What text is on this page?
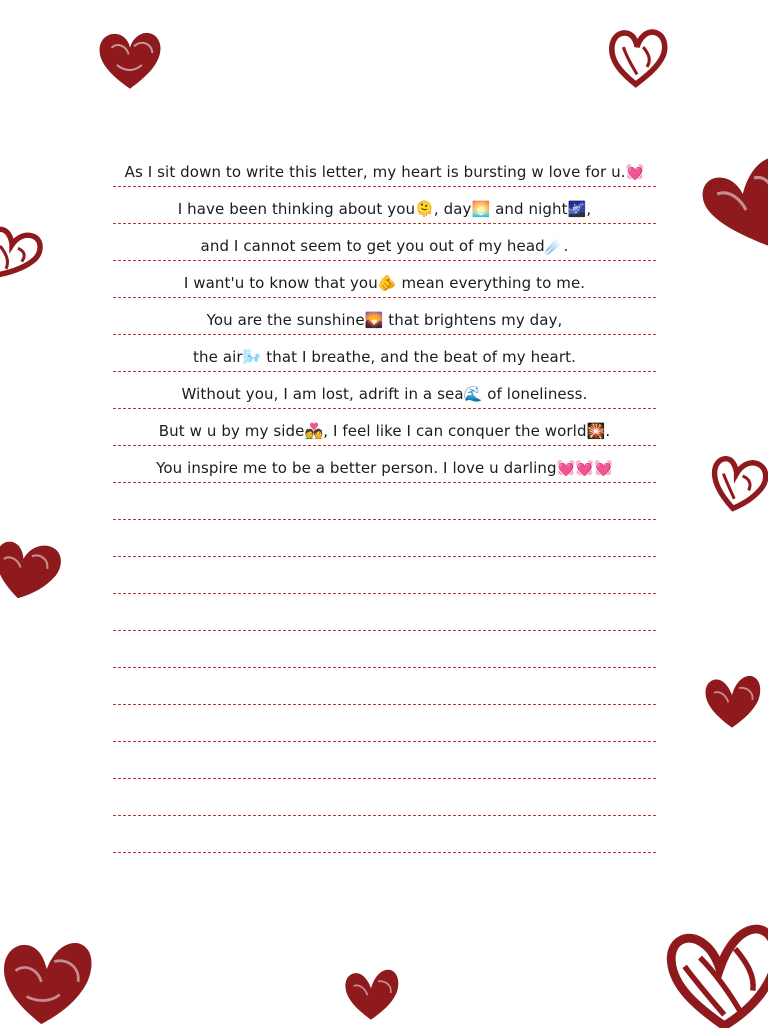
As I sit down to write this letter, my heart is bursting w love for u.💓
I have been thinking about you🫠, day🌅 and night🌌,
and I cannot seem to get you out of my head☄️.
I want'u to know that you🫵 mean everything to me.
You are the sunshine🌄 that brightens my day,
the air🌬️ that I breathe, and the beat of my heart.
Without you, I am lost, adrift in a sea🌊 of loneliness.
But w u by my side💑, I feel like I can conquer the world🎇.
You inspire me to be a better person. I love u darling💓💓💓
